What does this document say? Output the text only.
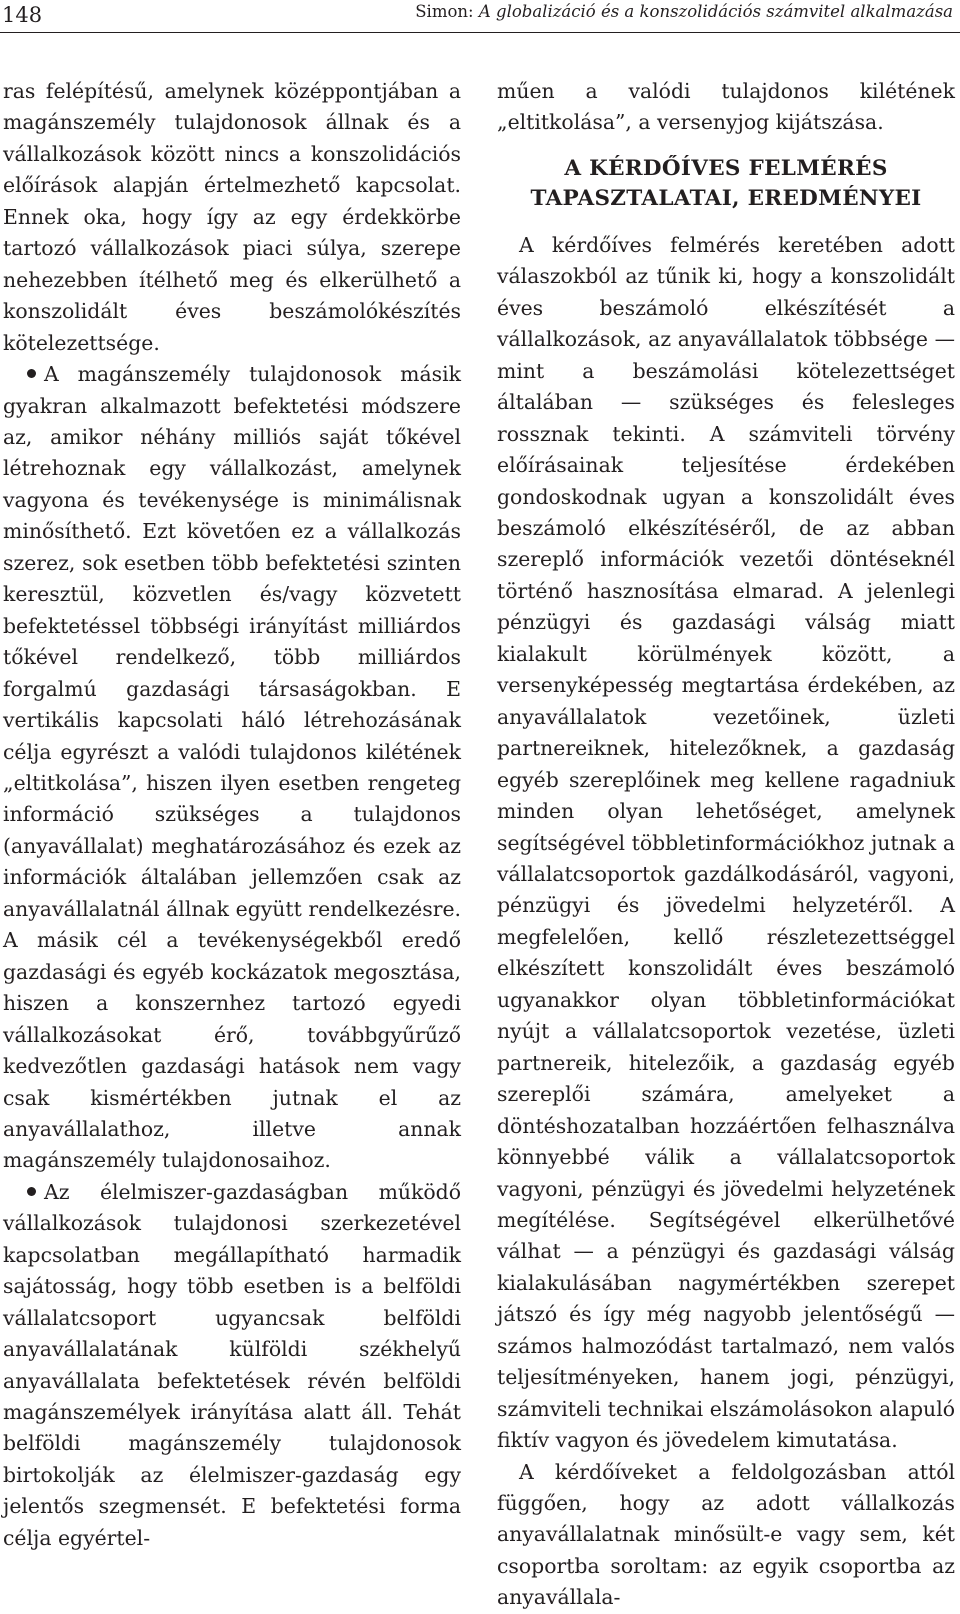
148	Simon: A globalizáció és a konszolidációs számvitel alkalmazása

ras felépítésű, amelynek középpontjában a magánszemély tulajdonosok állnak és a vállalkozások között nincs a konszolidációs előírások alapján értelmezhető kapcsolat. Ennek oka, hogy így az egy érdekkörbe tartozó vállalkozások piaci súlya, szerepe nehezebben ítélhető meg és elkerülhető a konszolidált éves beszámolókészítés kötelezettsége.

A magánszemély tulajdonosok másik gyakran alkalmazott befektetési módszere az, amikor néhány milliós saját tőkével létrehoznak egy vállalkozást, amelynek vagyona és tevékenysége is minimálisnak minősíthető. Ezt követően ez a vállalkozás szerez, sok esetben több befektetési szinten keresztül, közvetlen és/vagy közvetett befektetéssel többségi irányítást milliárdos tőkével rendelkező, több milliárdos forgalmú gazdasági társaságokban. E vertikális kapcsolati háló létrehozásának célja egyrészt a valódi tulajdonos kilétének „eltitkolása”, hiszen ilyen esetben rengeteg információ szükséges a tulajdonos (anyavállalat) meghatározásához és ezek az információk általában jellemzően csak az anyavállalatnál állnak együtt rendelkezésre. A másik cél a tevékenységekből eredő gazdasági és egyéb kockázatok megosztása, hiszen a konszernhez tartozó egyedi vállalkozásokat érő, továbbgyűrűző kedvezőtlen gazdasági hatások nem vagy csak kismértékben jutnak el az anyavállalathoz, illetve annak magánszemély tulajdonosaihoz.

Az élelmiszer-gazdaságban működő vállalkozások tulajdonosi szerkezetével kapcsolatban megállapítható harmadik sajátosság, hogy több esetben is a belföldi vállalatcsoport ugyancsak belföldi anyavállalatának külföldi székhelyű anyavállalata befektetések révén belföldi magánszemélyek irányítása alatt áll. Tehát belföldi magánszemély tulajdonosok birtokolják az élelmiszer-gazdaság egy jelentős szegmensét. E befektetési forma célja egyértel-

műen a valódi tulajdonos kilétének „eltitkolása”, a versenyjog kijátszása.

A KÉRDŐÍVES FELMÉRÉS
TAPASZTALATAI, EREDMÉNYEI

A kérdőíves felmérés keretében adott válaszokból az tűnik ki, hogy a konszolidált éves beszámoló elkészítését a vállalkozások, az anyavállalatok többsége — mint a beszámolási kötelezettséget általában — szükséges és felesleges rossznak tekinti. A számviteli törvény előírásainak teljesítése érdekében gondoskodnak ugyan a konszolidált éves beszámoló elkészítéséről, de az abban szereplő információk vezetői döntéseknél történő hasznosítása elmarad. A jelenlegi pénzügyi és gazdasági válság miatt kialakult körülmények között, a versenyképesség megtartása érdekében, az anyavállalatok vezetőinek, üzleti partnereiknek, hitelezőknek, a gazdaság egyéb szereplőinek meg kellene ragadniuk minden olyan lehetőséget, amelynek segítségével többletinformációkhoz jutnak a vállalatcsoportok gazdálkodásáról, vagyoni, pénzügyi és jövedelmi helyzetéről. A megfelelően, kellő részletezettséggel elkészített konszolidált éves beszámoló ugyanakkor olyan többletinformációkat nyújt a vállalatcsoportok vezetése, üzleti partnereik, hitelezőik, a gazdaság egyéb szereplői számára, amelyeket a döntéshozatalban hozzáértően felhasználva könnyebbé válik a vállalatcsoportok vagyoni, pénzügyi és jövedelmi helyzetének megítélése. Segítségével elkerülhetővé válhat — a pénzügyi és gazdasági válság kialakulásában nagymértékben szerepet játszó és így még nagyobb jelentőségű — számos halmozódást tartalmazó, nem valós teljesítményeken, hanem jogi, pénzügyi, számviteli technikai elszámolásokon alapuló fiktív vagyon és jövedelem kimutatása.

A kérdőíveket a feldolgozásban attól függően, hogy az adott vállalkozás anyavállalatnak minősült-e vagy sem, két csoportba soroltam: az egyik csoportba az anyavállala-
